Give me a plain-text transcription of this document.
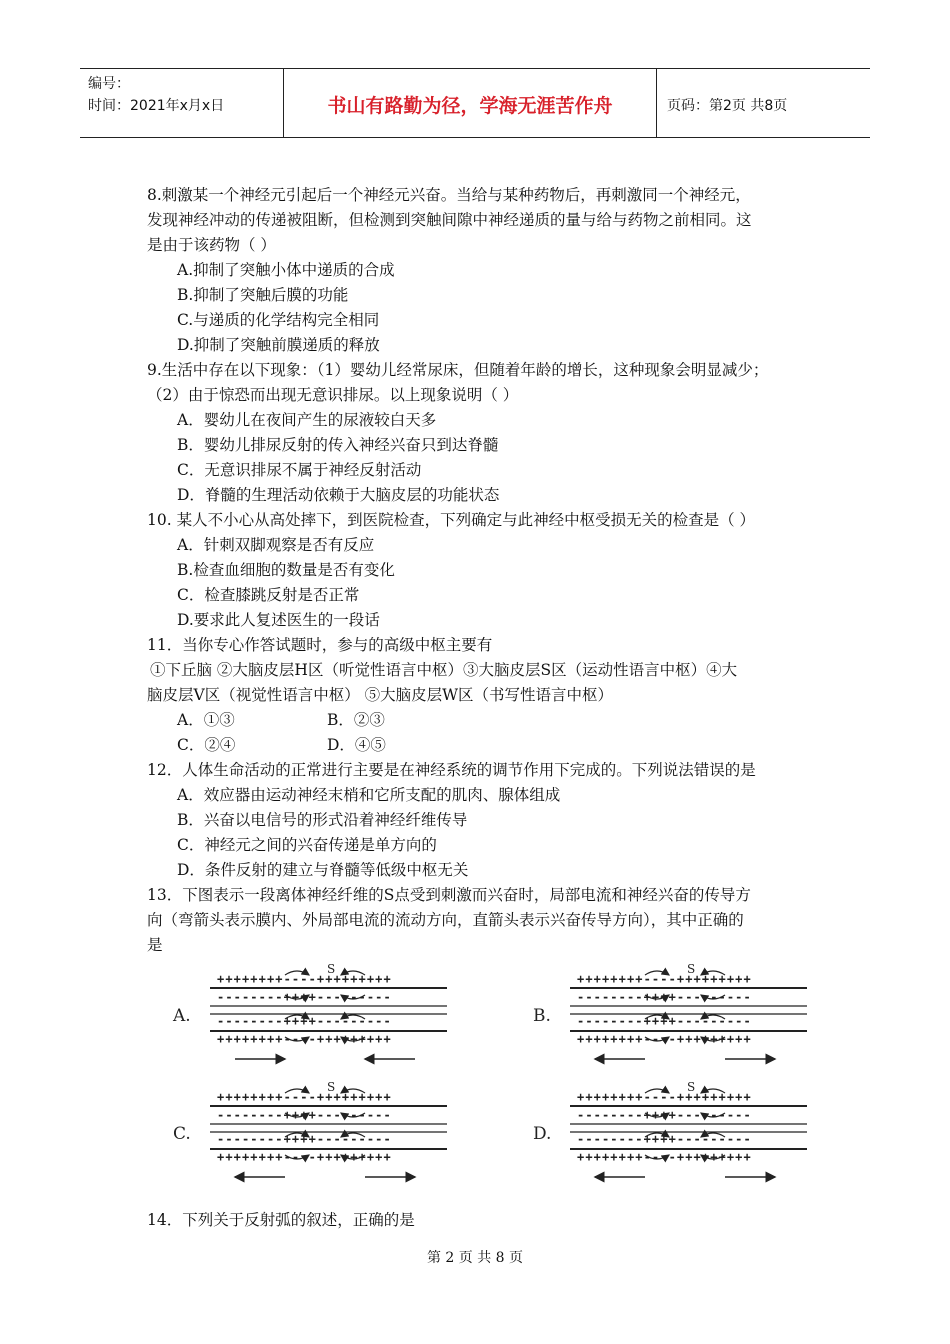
编号：
时间：2021年x月x日	书山有路勤为径，学海无涯苦作舟	页码：第2页 共8页
8.刺激某一个神经元引起后一个神经元兴奋。当给与某种药物后，再刺激同一个神经元，
发现神经冲动的传递被阻断，但检测到突触间隙中神经递质的量与给与药物之前相同。这
是由于该药物（ ）
A.抑制了突触小体中递质的合成
B.抑制了突触后膜的功能
C.与递质的化学结构完全相同
D.抑制了突触前膜递质的释放
9.生活中存在以下现象：（1）婴幼儿经常尿床，但随着年龄的增长，这种现象会明显减少；
（2）由于惊恐而出现无意识排尿。以上现象说明（ ）
A．婴幼儿在夜间产生的尿液较白天多
B．婴幼儿排尿反射的传入神经兴奋只到达脊髓
C．无意识排尿不属于神经反射活动
D．脊髓的生理活动依赖于大脑皮层的功能状态
10. 某人不小心从高处摔下，到医院检查，下列确定与此神经中枢受损无关的检查是（ ）
A．针刺双脚观察是否有反应
B.检查血细胞的数量是否有变化
C．检查膝跳反射是否正常
D.要求此人复述医生的一段话
11．当你专心作答试题时，参与的高级中枢主要有
①下丘脑 ②大脑皮层H区（听觉性语言中枢）③大脑皮层S区（运动性语言中枢）④大
脑皮层V区（视觉性语言中枢） ⑤大脑皮层W区（书写性语言中枢）
A．①③	B．②③
C．②④	D．④⑤
12．人体生命活动的正常进行主要是在神经系统的调节作用下完成的。下列说法错误的是
A．效应器由运动神经末梢和它所支配的肌肉、腺体组成
B．兴奋以电信号的形式沿着神经纤维传导
C．神经元之间的兴奋传递是单方向的
D．条件反射的建立与脊髓等低级中枢无关
13．下图表示一段离体神经纤维的S点受到刺激而兴奋时，局部电流和神经兴奋的传导方
向（弯箭头表示膜内、外局部电流的流动方向，直箭头表示兴奋传导方向），其中正确的
是
A.
S
++++++++----+++++++++
--------++++---------
--------++++---------
++++++++----+++++++++
B.
S
++++++++----+++++++++
--------++++---------
--------++++---------
++++++++----+++++++++
C.
S
++++++++----+++++++++
--------++++---------
--------++++---------
++++++++----+++++++++
D.
S
++++++++----+++++++++
--------++++---------
--------++++---------
++++++++----+++++++++
14．下列关于反射弧的叙述，正确的是
第 2 页 共 8 页
